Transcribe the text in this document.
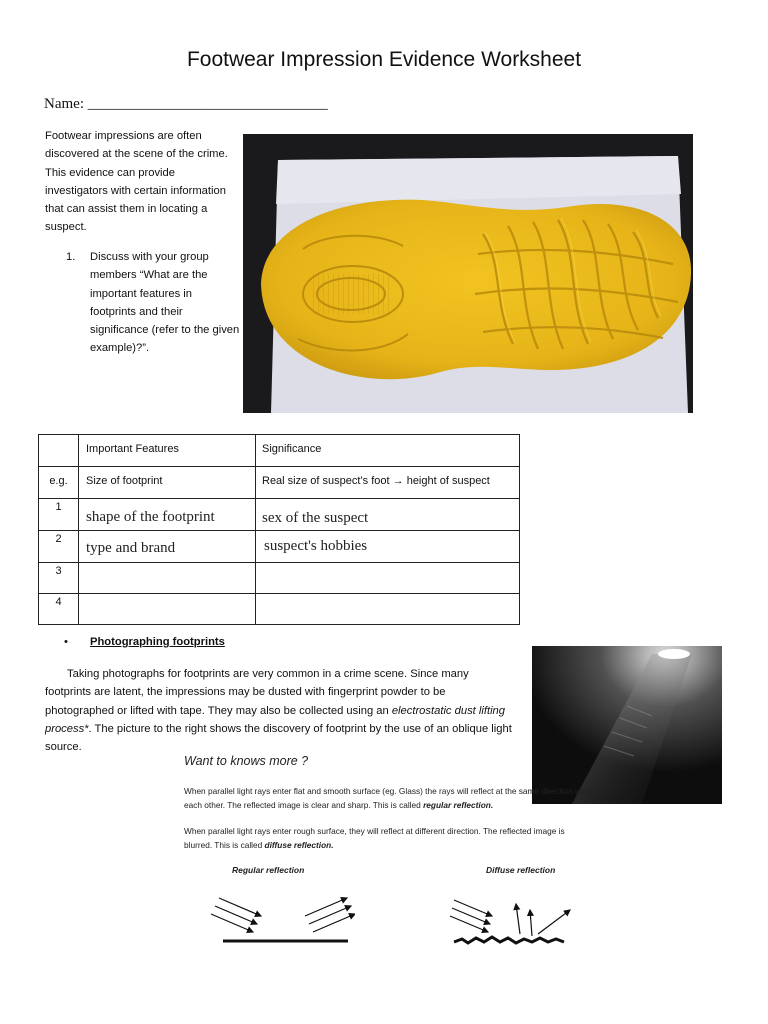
Footwear Impression Evidence Worksheet
Name: ________________________________
Footwear impressions are often discovered at the scene of the crime. This evidence can provide investigators with certain information that can assist them in locating a suspect.
1. Discuss with your group members “What are the important features in footprints and their significance (refer to the given example)?”.

	Important Features	Significance

e.g.	Size of footprint	Real size of suspect’s foot → height of suspect

1	shape of the footprint	sex of the suspect

2	type and brand	suspect's hobbies

3		

4		

• Photographing footprints
Taking photographs for footprints are very common in a crime scene. Since many footprints are latent, the impressions may be dusted with fingerprint powder to be photographed or lifted with tape. They may also be collected using an electrostatic dust lifting process*. The picture to the right shows the discovery of footprint by the use of an oblique light source.
Want to knows more ?
When parallel light rays enter flat and smooth surface (eg. Glass) the rays will reflect at the same direction with each other. The reflected image is clear and sharp. This is called regular reflection.
When parallel light rays enter rough surface, they will reflect at different direction. The reflected image is blurred. This is called diffuse reflection.
Regular reflection	Diffuse reflection
